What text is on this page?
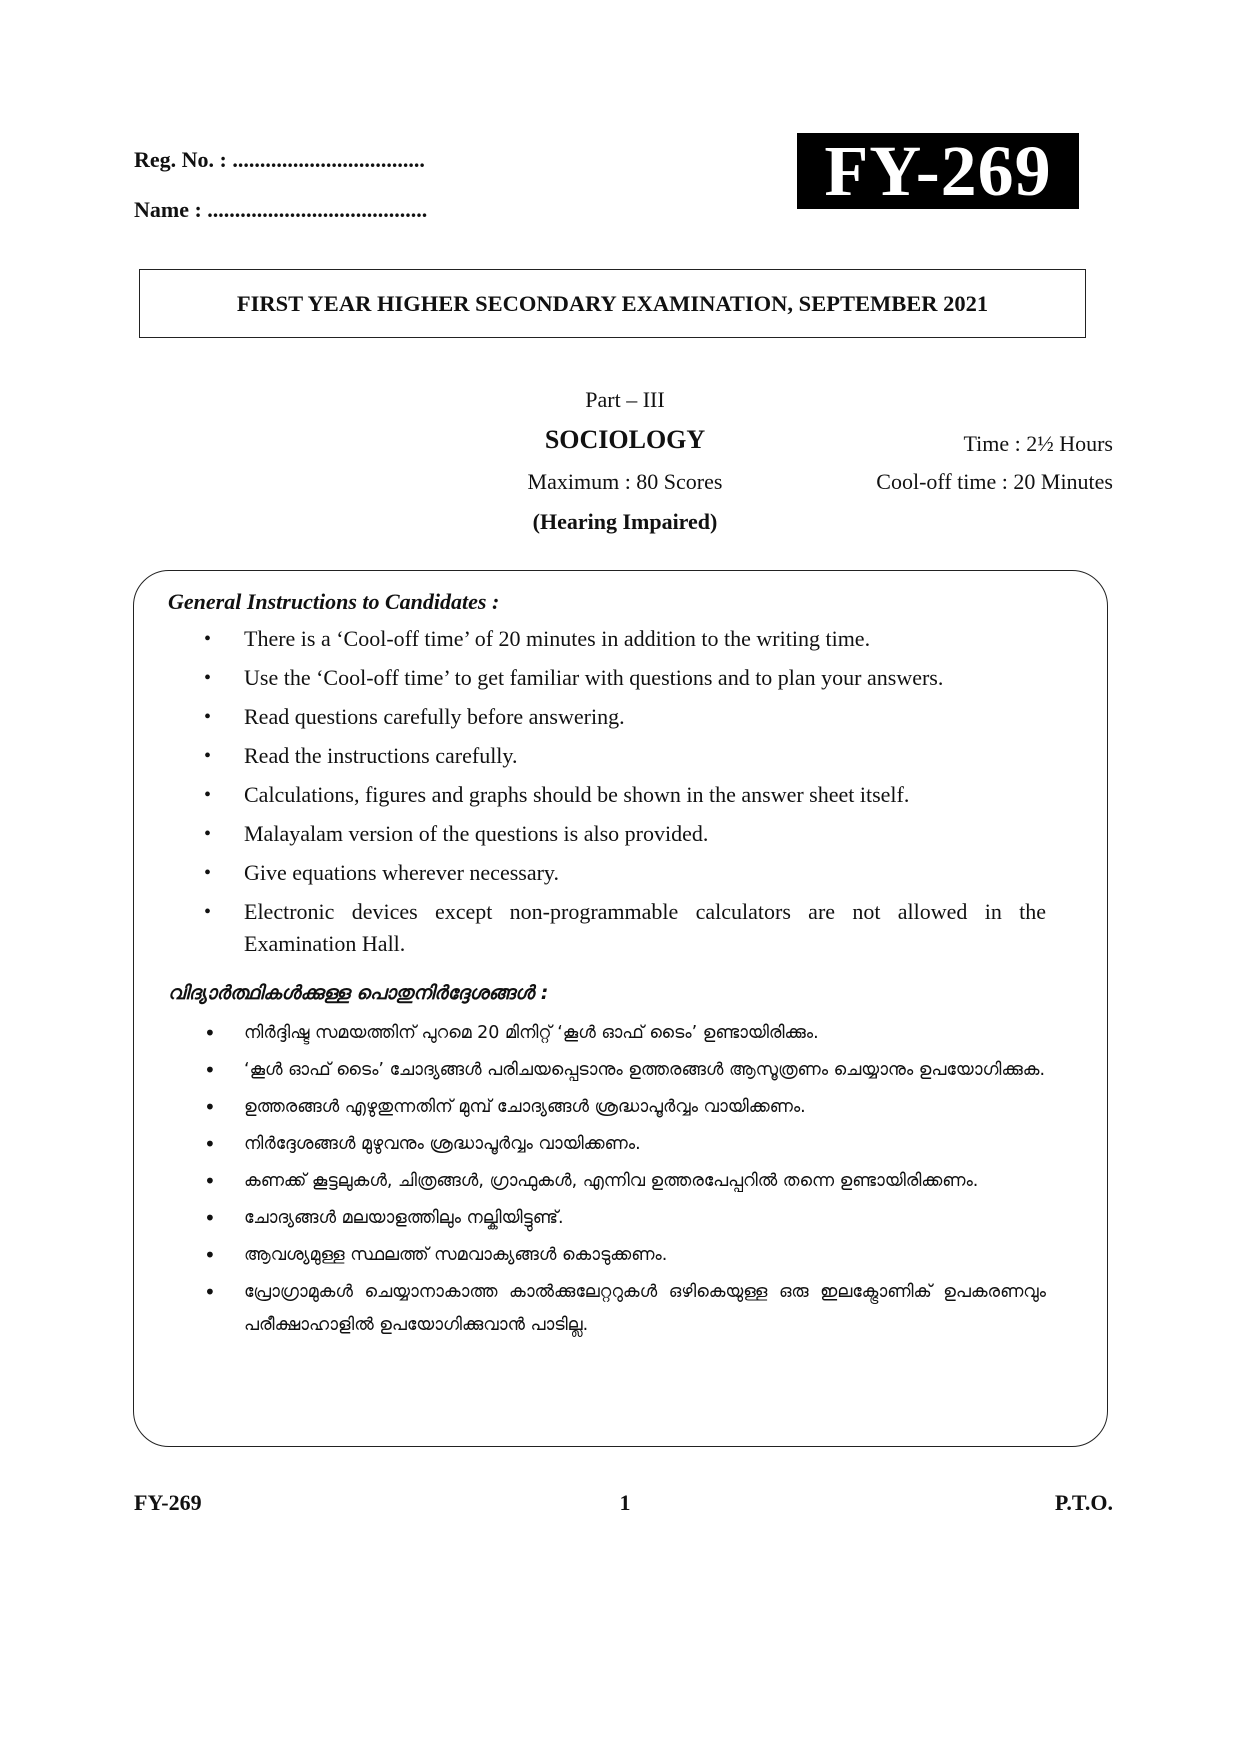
Reg. No. : ...................................
Name : ........................................	FY-269
FIRST YEAR HIGHER SECONDARY EXAMINATION, SEPTEMBER 2021
Part – III
SOCIOLOGY	Time : 2½ Hours
Maximum : 80 Scores	Cool-off time : 20 Minutes
(Hearing Impaired)
General Instructions to Candidates :
•	There is a ‘Cool-off time’ of 20 minutes in addition to the writing time.
•	Use the ‘Cool-off time’ to get familiar with questions and to plan your answers.
•	Read questions carefully before answering.
•	Read the instructions carefully.
•	Calculations, figures and graphs should be shown in the answer sheet itself.
•	Malayalam version of the questions is also provided.
•	Give equations wherever necessary.
•	Electronic devices except non-programmable calculators are not allowed in the Examination Hall.
വിദ്യാർത്ഥികൾക്കുള്ള പൊതുനിർദ്ദേശങ്ങൾ :
•	നിർദ്ദിഷ്ട സമയത്തിന് പുറമെ 20 മിനിറ്റ് ‘കൂൾ ഓഫ് ടൈം’ ഉണ്ടായിരിക്കും.
•	‘കൂൾ ഓഫ് ടൈം’ ചോദ്യങ്ങൾ പരിചയപ്പെടാനും ഉത്തരങ്ങൾ ആസൂത്രണം ചെയ്യാനും ഉപയോഗിക്കുക.
•	ഉത്തരങ്ങൾ എഴുതുന്നതിന് മുമ്പ് ചോദ്യങ്ങൾ ശ്രദ്ധാപൂർവ്വം വായിക്കണം.
•	നിർദ്ദേശങ്ങൾ മുഴുവനും ശ്രദ്ധാപൂർവ്വം വായിക്കണം.
•	കണക്ക് കൂട്ടലുകൾ, ചിത്രങ്ങൾ, ഗ്രാഫുകൾ, എന്നിവ ഉത്തരപേപ്പറിൽ തന്നെ ഉണ്ടായിരിക്കണം.
•	ചോദ്യങ്ങൾ മലയാളത്തിലും നല്കിയിട്ടുണ്ട്.
•	ആവശ്യമുള്ള സ്ഥലത്ത് സമവാക്യങ്ങൾ കൊടുക്കണം.
•	പ്രോഗ്രാമുകൾ ചെയ്യാനാകാത്ത കാൽക്കുലേറ്ററുകൾ ഒഴികെയുള്ള ഒരു ഇലക്ട്രോണിക് ഉപകരണവും പരീക്ഷാഹാളിൽ ഉപയോഗിക്കുവാൻ പാടില്ല.
FY-269	1	P.T.O.
